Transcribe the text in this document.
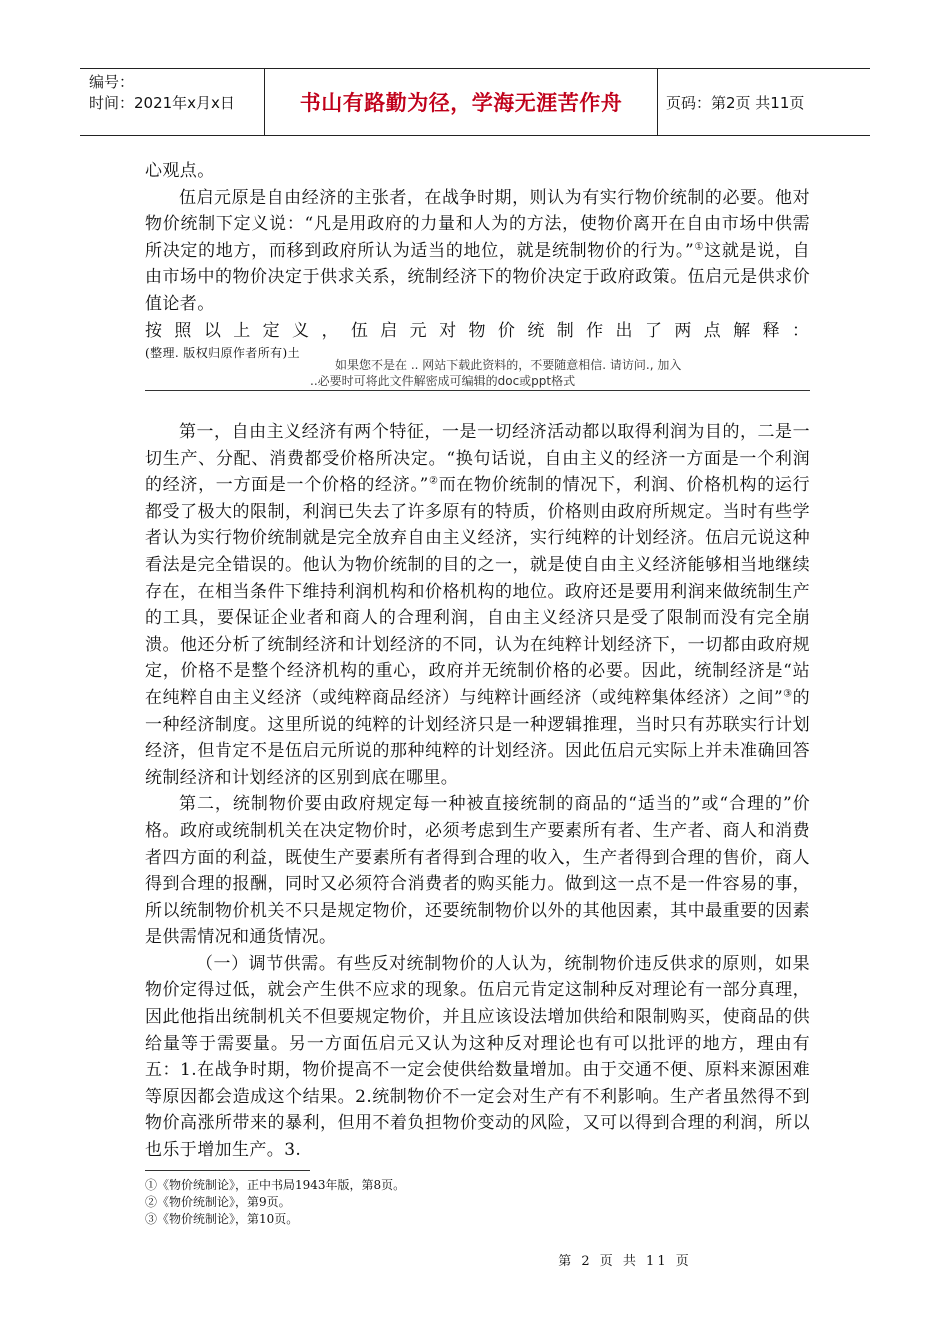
编号：
时间：2021年x月x日	书山有路勤为径，学海无涯苦作舟	页码：第2页 共11页

心观点。

伍启元原是自由经济的主张者，在战争时期，则认为有实行物价统制的必要。他对物价统制下定义说：“凡是用政府的力量和人为的方法，使物价离开在自由市场中供需所决定的地方，而移到政府所认为适当的地位，就是统制物价的行为。”①这就是说，自由市场中的物价决定于供求关系，统制经济下的物价决定于政府政策。伍启元是供求价值论者。

按照以上定义，伍启元对物价统制作出了两点解释：

(整理. 版权归原作者所有)土

如果您不是在 .. 网站下载此资料的，不要随意相信. 请访问., 加入
..必要时可将此文件解密成可编辑的doc或ppt格式

第一，自由主义经济有两个特征，一是一切经济活动都以取得利润为目的，二是一切生产、分配、消费都受价格所决定。“换句话说，自由主义的经济一方面是一个利润的经济，一方面是一个价格的经济。”②而在物价统制的情况下，利润、价格机构的运行都受了极大的限制，利润已失去了许多原有的特质，价格则由政府所规定。当时有些学者认为实行物价统制就是完全放弃自由主义经济，实行纯粹的计划经济。伍启元说这种看法是完全错误的。他认为物价统制的目的之一，就是使自由主义经济能够相当地继续存在，在相当条件下维持利润机构和价格机构的地位。政府还是要用利润来做统制生产的工具，要保证企业者和商人的合理利润，自由主义经济只是受了限制而没有完全崩溃。他还分析了统制经济和计划经济的不同，认为在纯粹计划经济下，一切都由政府规定，价格不是整个经济机构的重心，政府并无统制价格的必要。因此，统制经济是“站在纯粹自由主义经济（或纯粹商品经济）与纯粹计画经济（或纯粹集体经济）之间”③的一种经济制度。这里所说的纯粹的计划经济只是一种逻辑推理，当时只有苏联实行计划经济，但肯定不是伍启元所说的那种纯粹的计划经济。因此伍启元实际上并未准确回答统制经济和计划经济的区别到底在哪里。

第二，统制物价要由政府规定每一种被直接统制的商品的“适当的”或“合理的”价格。政府或统制机关在决定物价时，必须考虑到生产要素所有者、生产者、商人和消费者四方面的利益，既使生产要素所有者得到合理的收入，生产者得到合理的售价，商人得到合理的报酬，同时又必须符合消费者的购买能力。做到这一点不是一件容易的事，所以统制物价机关不只是规定物价，还要统制物价以外的其他因素，其中最重要的因素是供需情况和通货情况。

（一）调节供需。有些反对统制物价的人认为，统制物价违反供求的原则，如果物价定得过低，就会产生供不应求的现象。伍启元肯定这制种反对理论有一部分真理，因此他指出统制机关不但要规定物价，并且应该设法增加供给和限制购买，使商品的供给量等于需要量。另一方面伍启元又认为这种反对理论也有可以批评的地方，理由有五：1.在战争时期，物价提高不一定会使供给数量增加。由于交通不便、原料来源困难等原因都会造成这个结果。2.统制物价不一定会对生产有不利影响。生产者虽然得不到物价高涨所带来的暴利，但用不着负担物价变动的风险，又可以得到合理的利润，所以也乐于增加生产。3.

①《物价统制论》，正中书局1943年版，第8页。
②《物价统制论》，第9页。
③《物价统制论》，第10页。
第 2 页 共 11 页
